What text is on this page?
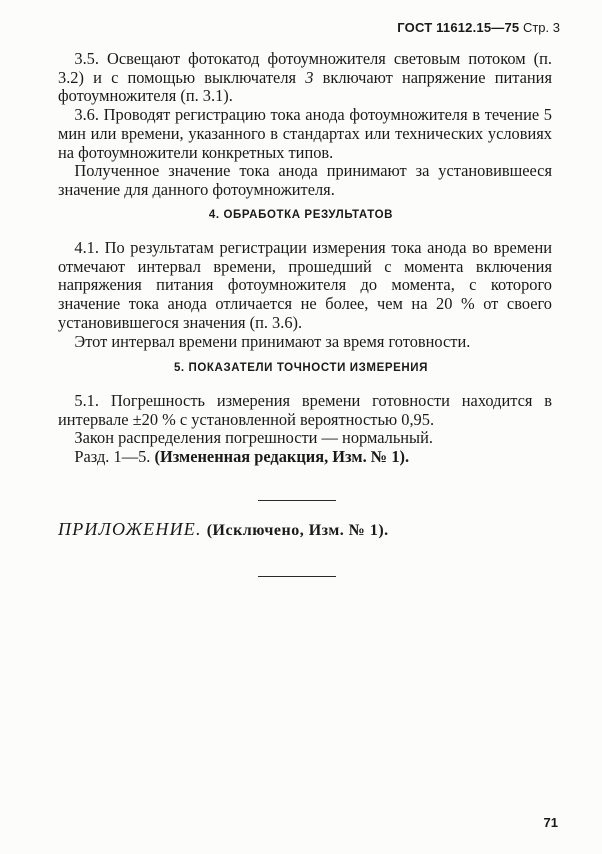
ГОСТ 11612.15—75 Стр. 3

 3.5. Освещают фотокатод фотоумножителя световым потоком (п. 3.2) и с помощью выключателя 3 включают напряжение питания фотоумножителя (п. 3.1).

 3.6. Проводят регистрацию тока анода фотоумножителя в течение 5 мин или времени, указанного в стандартах или технических условиях на фотоумножители конкретных типов.

 Полученное значение тока анода принимают за установившееся значение для данного фотоумножителя.

4. ОБРАБОТКА РЕЗУЛЬТАТОВ

 4.1. По результатам регистрации измерения тока анода во времени отмечают интервал времени, прошедший с момента включения напряжения питания фотоумножителя до момента, с которого значение тока анода отличается не более, чем на 20 % от своего установившегося значения (п. 3.6).

 Этот интервал времени принимают за время готовности.

5. ПОКАЗАТЕЛИ ТОЧНОСТИ ИЗМЕРЕНИЯ

 5.1. Погрешность измерения времени готовности находится в интервале ±20 % с установленной вероятностью 0,95.

 Закон распределения погрешности — нормальный.

 Разд. 1—5. (Измененная редакция, Изм. № 1).

ПРИЛОЖЕНИЕ. (Исключено, Изм. № 1).
71
